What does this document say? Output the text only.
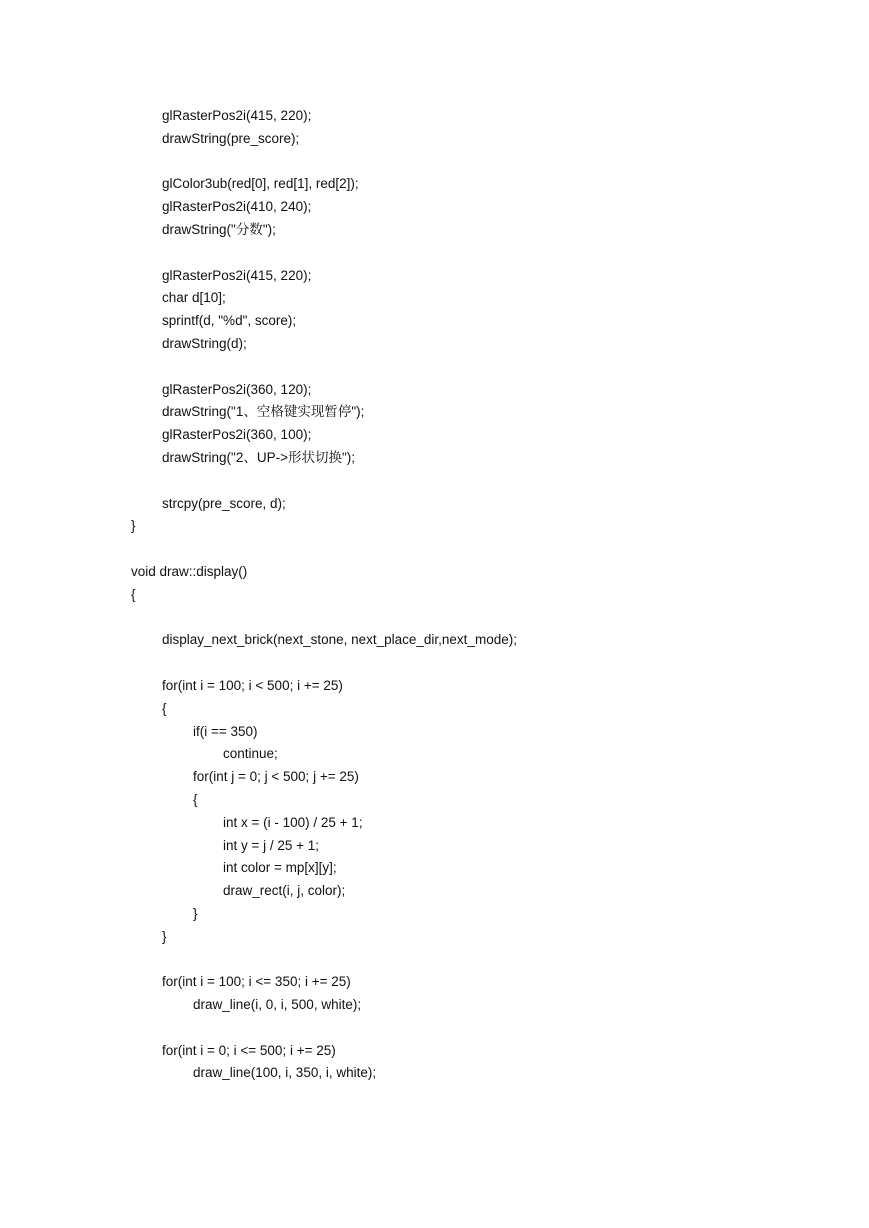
glRasterPos2i(415, 220);
drawString(pre_score);
glColor3ub(red[0], red[1], red[2]);
glRasterPos2i(410, 240);
drawString("分数");
glRasterPos2i(415, 220);
char d[10];
sprintf(d, "%d", score);
drawString(d);
glRasterPos2i(360, 120);
drawString("1、空格键实现暂停");
glRasterPos2i(360, 100);
drawString("2、UP->形状切换");
strcpy(pre_score, d);
}
void draw::display()
{
display_next_brick(next_stone, next_place_dir,next_mode);
for(int i = 100; i < 500; i += 25)
{
if(i == 350)
continue;
for(int j = 0; j < 500; j += 25)
{
int x = (i - 100) / 25 + 1;
int y = j / 25 + 1;
int color = mp[x][y];
draw_rect(i, j, color);
}
}
for(int i = 100; i <= 350; i += 25)
draw_line(i, 0, i, 500, white);
for(int i = 0; i <= 500; i += 25)
draw_line(100, i, 350, i, white);
